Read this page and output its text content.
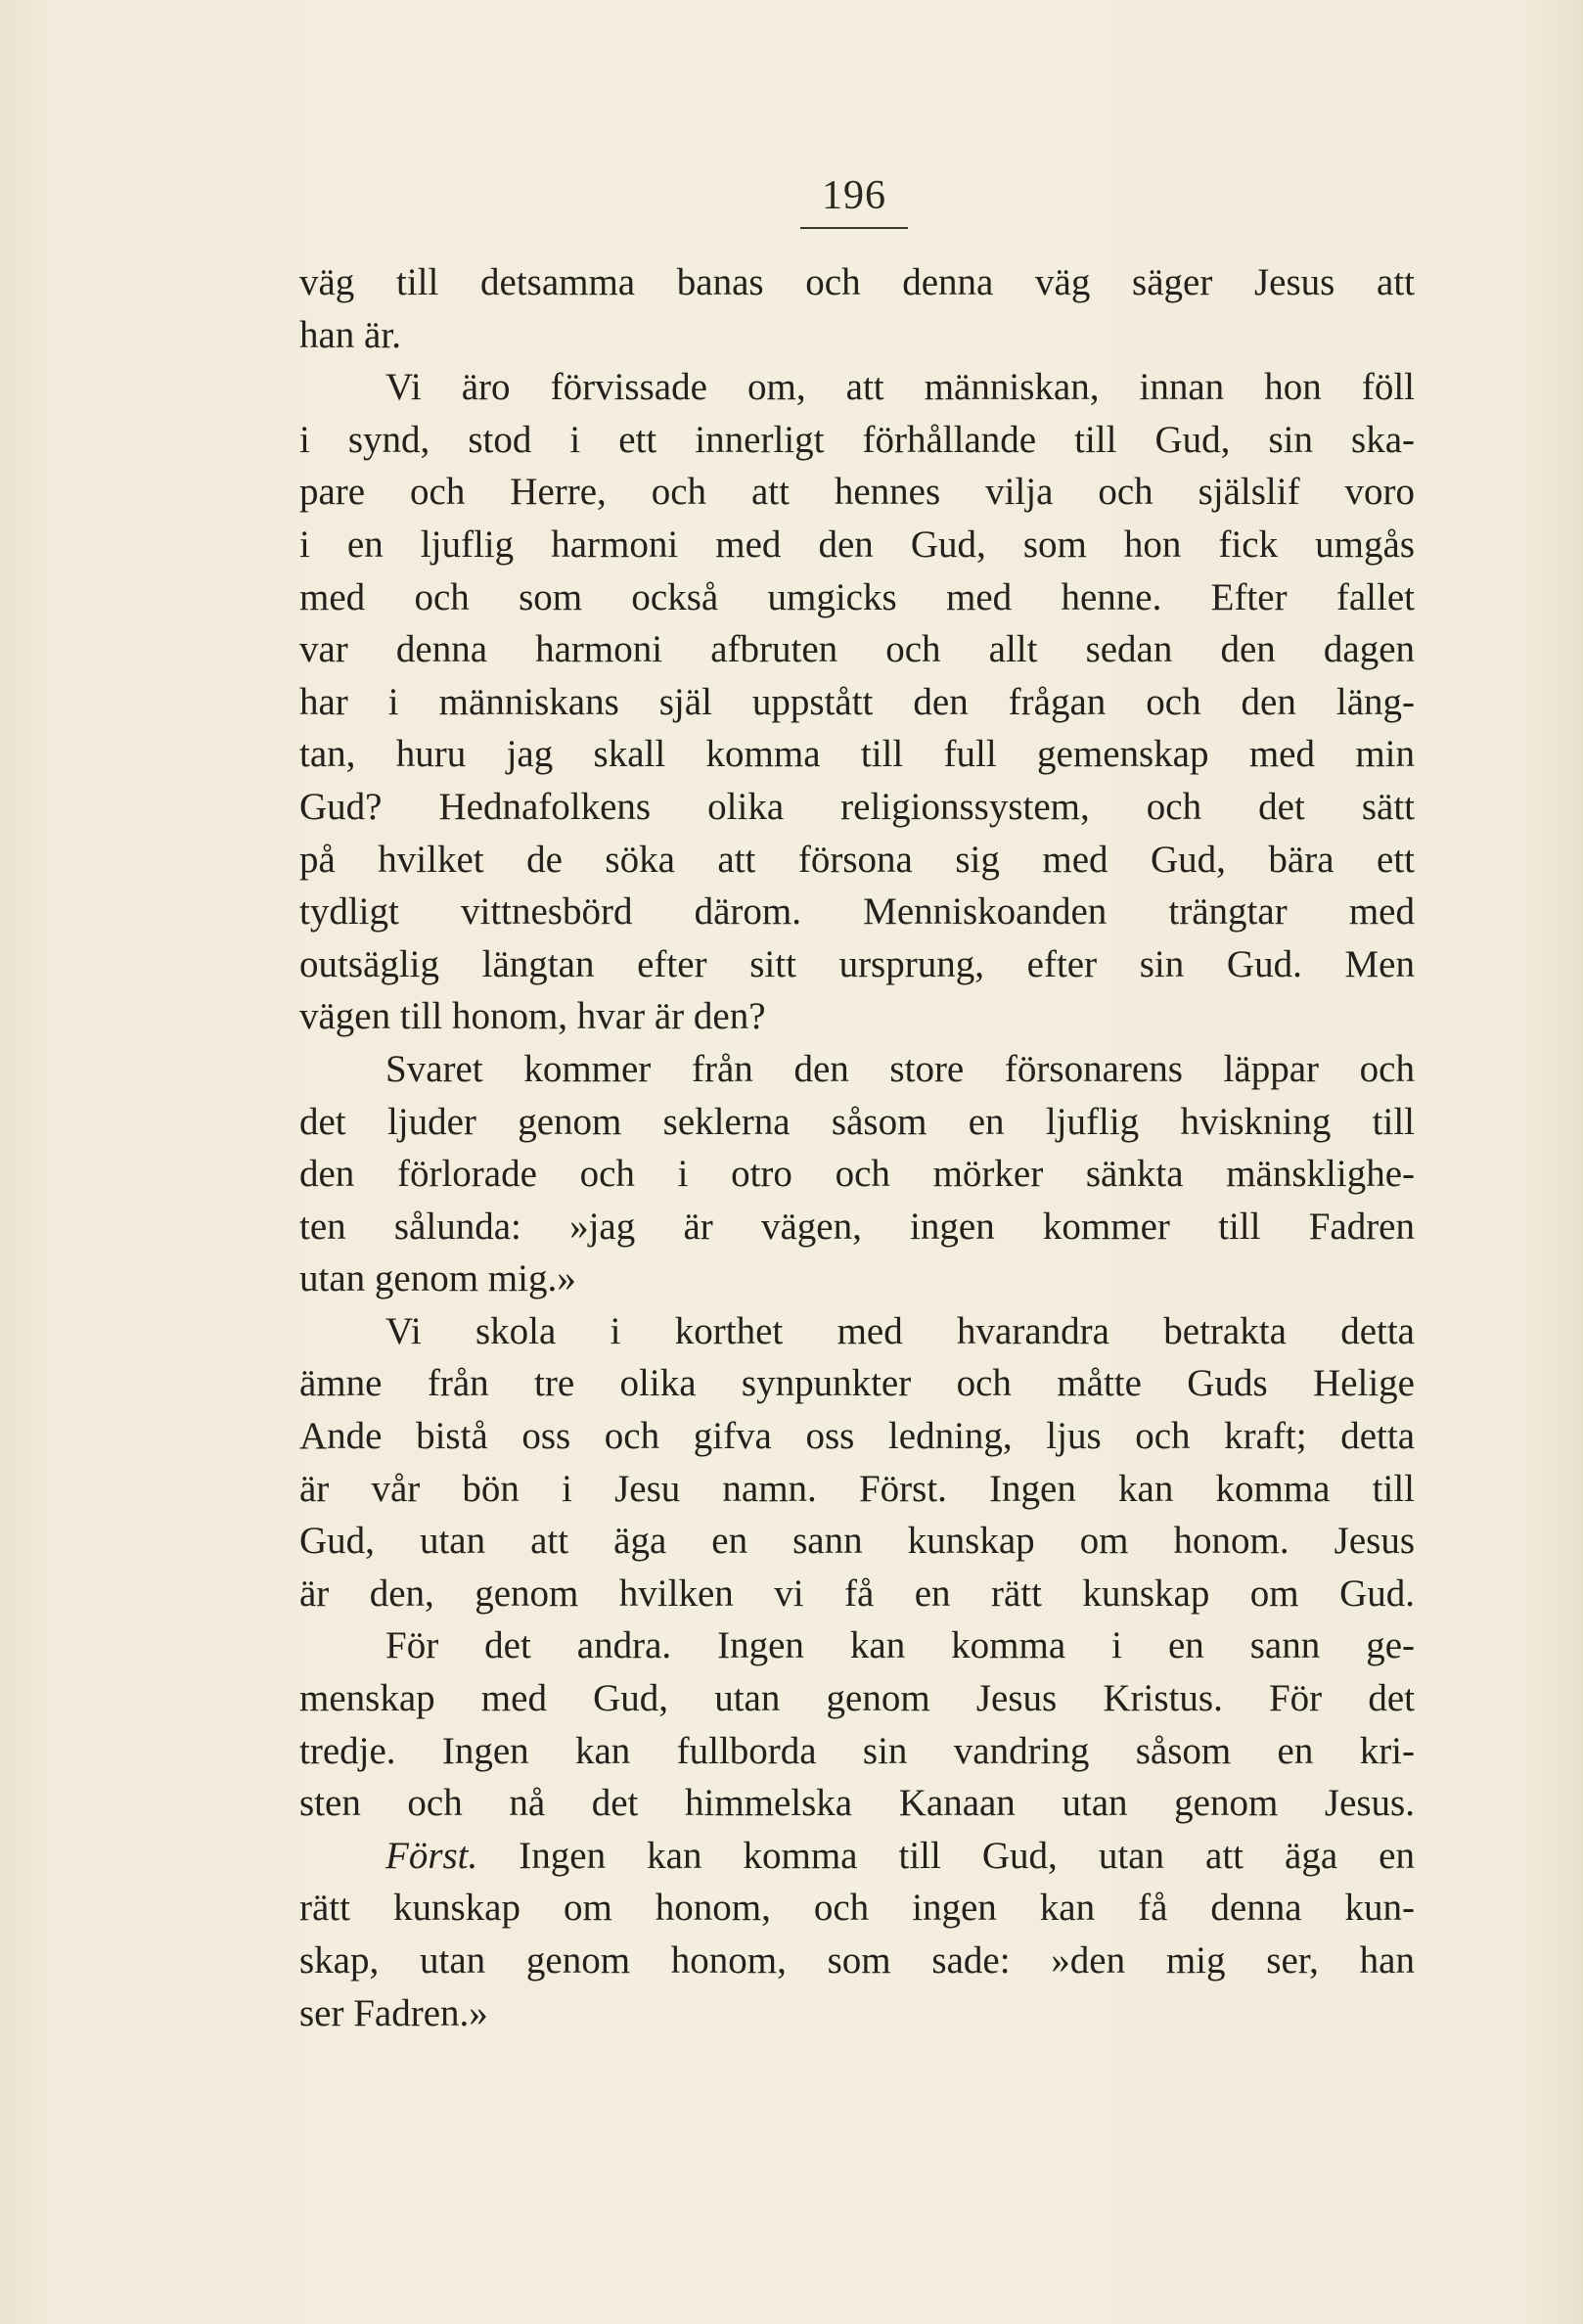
196
väg till detsamma banas och denna väg säger Jesus att
han är.
Vi äro förvissade om, att människan, innan hon föll
i synd, stod i ett innerligt förhållande till Gud, sin ska-
pare och Herre, och att hennes vilja och själslif voro
i en ljuflig harmoni med den Gud, som hon fick umgås
med och som också umgicks med henne. Efter fallet
var denna harmoni afbruten och allt sedan den dagen
har i människans själ uppstått den frågan och den läng-
tan, huru jag skall komma till full gemenskap med min
Gud? Hednafolkens olika religionssystem, och det sätt
på hvilket de söka att försona sig med Gud, bära ett
tydligt vittnesbörd därom. Menniskoanden trängtar med
outsäglig längtan efter sitt ursprung, efter sin Gud. Men
vägen till honom, hvar är den?
Svaret kommer från den store försonarens läppar och
det ljuder genom seklerna såsom en ljuflig hviskning till
den förlorade och i otro och mörker sänkta mänsklighe-
ten sålunda: »jag är vägen, ingen kommer till Fadren
utan genom mig.»
Vi skola i korthet med hvarandra betrakta detta
ämne från tre olika synpunkter och måtte Guds Helige
Ande bistå oss och gifva oss ledning, ljus och kraft; detta
är vår bön i Jesu namn. Först. Ingen kan komma till
Gud, utan att äga en sann kunskap om honom. Jesus
är den, genom hvilken vi få en rätt kunskap om Gud.
För det andra. Ingen kan komma i en sann ge-
menskap med Gud, utan genom Jesus Kristus. För det
tredje. Ingen kan fullborda sin vandring såsom en kri-
sten och nå det himmelska Kanaan utan genom Jesus.
Först. Ingen kan komma till Gud, utan att äga en
rätt kunskap om honom, och ingen kan få denna kun-
skap, utan genom honom, som sade: »den mig ser, han
ser Fadren.»
